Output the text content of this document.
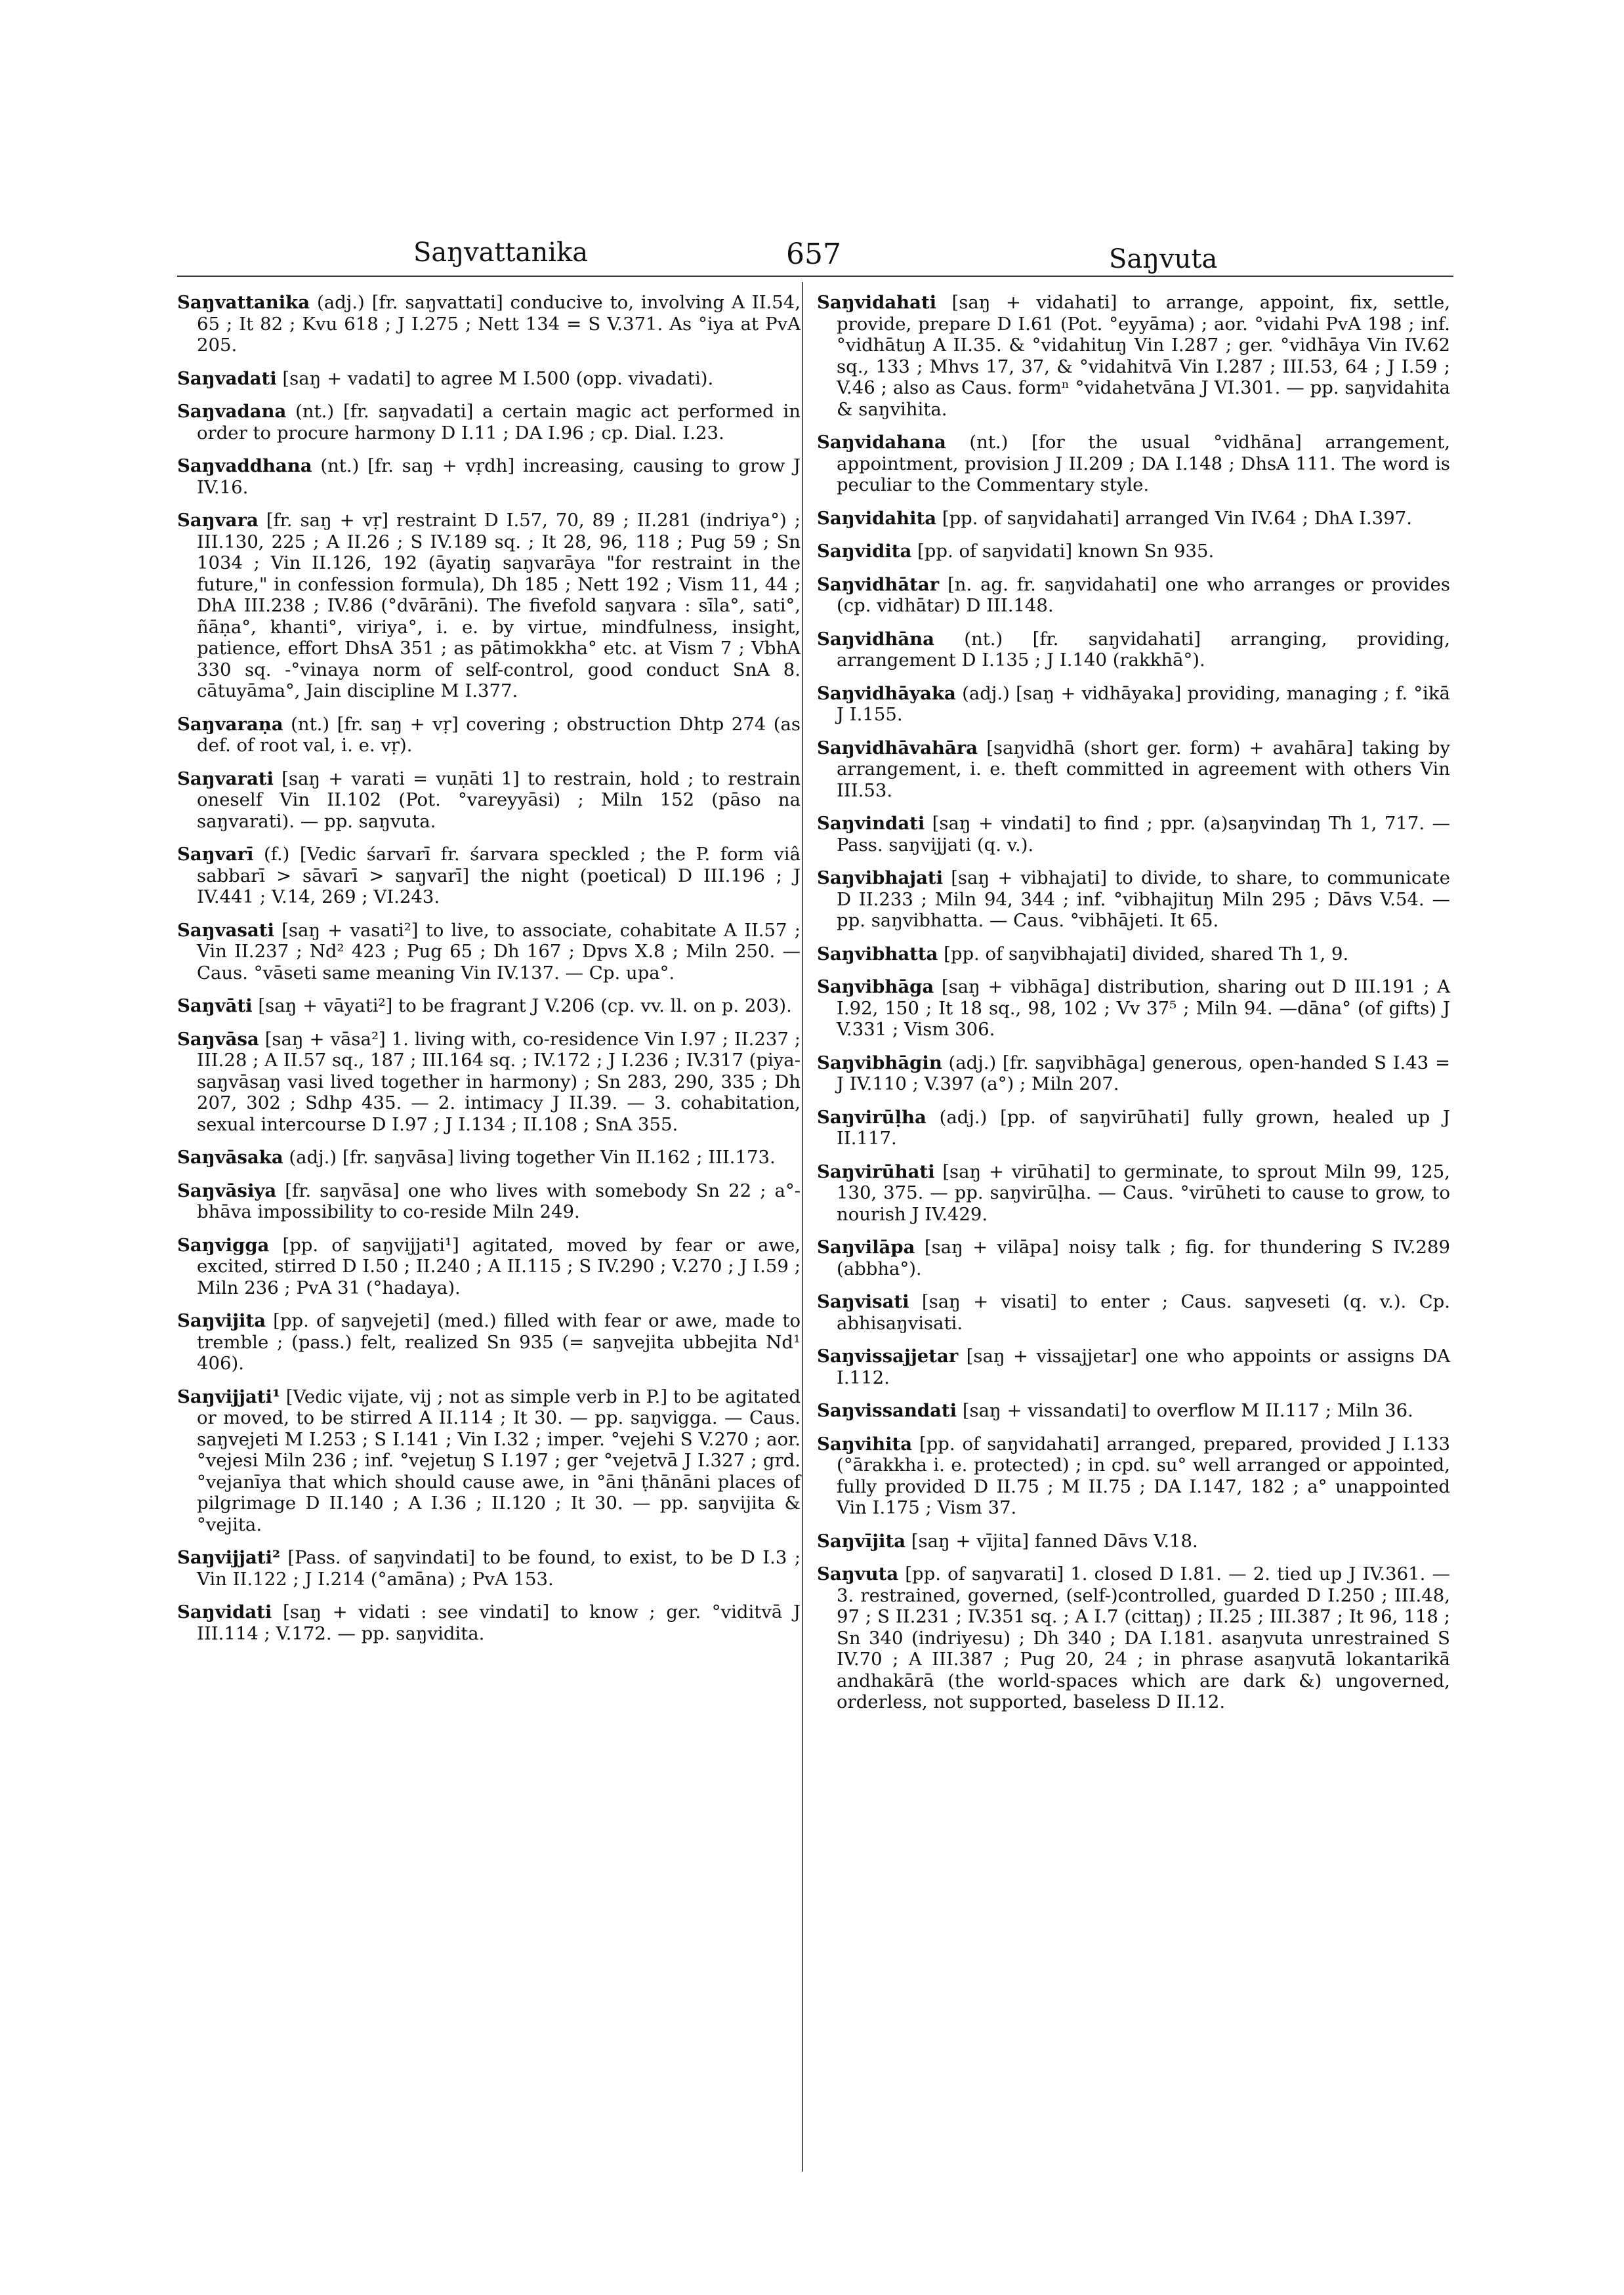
Saŋvattanika	657	Saŋvuta

Saŋvattanika (adj.) [fr. saŋvattati] conducive to, involving A II.54, 65 ; It 82 ; Kvu 618 ; J I.275 ; Nett 134 = S V.371. As °iya at PvA 205.

Saŋvadati [saŋ + vadati] to agree M I.500 (opp. vivadati).

Saŋvadana (nt.) [fr. saŋvadati] a certain magic act performed in order to procure harmony D I.11 ; DA I.96 ; cp. Dial. I.23.

Saŋvaddhana (nt.) [fr. saŋ + vṛdh] increasing, causing to grow J IV.16.

Saŋvara [fr. saŋ + vṛ] restraint D I.57, 70, 89 ; II.281 (indriya°) ; III.130, 225 ; A II.26 ; S IV.189 sq. ; It 28, 96, 118 ; Pug 59 ; Sn 1034 ; Vin II.126, 192 (āyatiŋ saŋvarāya "for restraint in the future," in confession formula), Dh 185 ; Nett 192 ; Vism 11, 44 ; DhA III.238 ; IV.86 (°dvārāni). The fivefold saŋvara : sīla°, sati°, ñāṇa°, khanti°, viriya°, i. e. by virtue, mindfulness, insight, patience, effort DhsA 351 ; as pātimokkha° etc. at Vism 7 ; VbhA 330 sq. -°vinaya norm of self-control, good conduct SnA 8. cātuyāma°, Jain discipline M I.377.

Saŋvaraṇa (nt.) [fr. saŋ + vṛ] covering ; obstruction Dhtp 274 (as def. of root val, i. e. vṛ).

Saŋvarati [saŋ + varati = vuṇāti 1] to restrain, hold ; to restrain oneself Vin II.102 (Pot. °vareyyāsi) ; Miln 152 (pāso na saŋvarati). — pp. saŋvuta.

Saŋvarī (f.) [Vedic śarvarī fr. śarvara speckled ; the P. form viâ sabbarī > sāvarī > saŋvarī] the night (poetical) D III.196 ; J IV.441 ; V.14, 269 ; VI.243.

Saŋvasati [saŋ + vasati²] to live, to associate, cohabitate A II.57 ; Vin II.237 ; Nd² 423 ; Pug 65 ; Dh 167 ; Dpvs X.8 ; Miln 250. — Caus. °vāseti same meaning Vin IV.137. — Cp. upa°.

Saŋvāti [saŋ + vāyati²] to be fragrant J V.206 (cp. vv. ll. on p. 203).

Saŋvāsa [saŋ + vāsa²] 1. living with, co-residence Vin I.97 ; II.237 ; III.28 ; A II.57 sq., 187 ; III.164 sq. ; IV.172 ; J I.236 ; IV.317 (piya-saŋvāsaŋ vasi lived together in harmony) ; Sn 283, 290, 335 ; Dh 207, 302 ; Sdhp 435. — 2. intimacy J II.39. — 3. cohabitation, sexual intercourse D I.97 ; J I.134 ; II.108 ; SnA 355.

Saŋvāsaka (adj.) [fr. saŋvāsa] living together Vin II.162 ; III.173.

Saŋvāsiya [fr. saŋvāsa] one who lives with somebody Sn 22 ; a°-bhāva impossibility to co-reside Miln 249.

Saŋvigga [pp. of saŋvijjati¹] agitated, moved by fear or awe, excited, stirred D I.50 ; II.240 ; A II.115 ; S IV.290 ; V.270 ; J I.59 ; Miln 236 ; PvA 31 (°hadaya).

Saŋvijita [pp. of saŋvejeti] (med.) filled with fear or awe, made to tremble ; (pass.) felt, realized Sn 935 (= saŋvejita ubbejita Nd¹ 406).

Saŋvijjati¹ [Vedic vijate, vij ; not as simple verb in P.] to be agitated or moved, to be stirred A II.114 ; It 30. — pp. saŋvigga. — Caus. saŋvejeti M I.253 ; S I.141 ; Vin I.32 ; imper. °vejehi S V.270 ; aor. °vejesi Miln 236 ; inf. °vejetuŋ S I.197 ; ger °vejetvā J I.327 ; grd. °vejanīya that which should cause awe, in °āni ṭhānāni places of pilgrimage D II.140 ; A I.36 ; II.120 ; It 30. — pp. saŋvijita & °vejita.

Saŋvijjati² [Pass. of saŋvindati] to be found, to exist, to be D I.3 ; Vin II.122 ; J I.214 (°amāna) ; PvA 153.

Saŋvidati [saŋ + vidati : see vindati] to know ; ger. °viditvā J III.114 ; V.172. — pp. saŋvidita.

Saŋvidahati [saŋ + vidahati] to arrange, appoint, fix, settle, provide, prepare D I.61 (Pot. °eyyāma) ; aor. °vidahi PvA 198 ; inf. °vidhātuŋ A II.35. & °vidahituŋ Vin I.287 ; ger. °vidhāya Vin IV.62 sq., 133 ; Mhvs 17, 37, & °vidahitvā Vin I.287 ; III.53, 64 ; J I.59 ; V.46 ; also as Caus. formⁿ °vidahetvāna J VI.301. — pp. saŋvidahita & saŋvihita.

Saŋvidahana (nt.) [for the usual °vidhāna] arrangement, appointment, provision J II.209 ; DA I.148 ; DhsA 111. The word is peculiar to the Commentary style.

Saŋvidahita [pp. of saŋvidahati] arranged Vin IV.64 ; DhA I.397.

Saŋvidita [pp. of saŋvidati] known Sn 935.

Saŋvidhātar [n. ag. fr. saŋvidahati] one who arranges or provides (cp. vidhātar) D III.148.

Saŋvidhāna (nt.) [fr. saŋvidahati] arranging, providing, arrangement D I.135 ; J I.140 (rakkhā°).

Saŋvidhāyaka (adj.) [saŋ + vidhāyaka] providing, managing ; f. °ikā J I.155.

Saŋvidhāvahāra [saŋvidhā (short ger. form) + avahāra] taking by arrangement, i. e. theft committed in agreement with others Vin III.53.

Saŋvindati [saŋ + vindati] to find ; ppr. (a)saŋvindaŋ Th 1, 717. — Pass. saŋvijjati (q. v.).

Saŋvibhajati [saŋ + vibhajati] to divide, to share, to communicate D II.233 ; Miln 94, 344 ; inf. °vibhajituŋ Miln 295 ; Dāvs V.54. — pp. saŋvibhatta. — Caus. °vibhājeti. It 65.

Saŋvibhatta [pp. of saŋvibhajati] divided, shared Th 1, 9.

Saŋvibhāga [saŋ + vibhāga] distribution, sharing out D III.191 ; A I.92, 150 ; It 18 sq., 98, 102 ; Vv 37⁵ ; Miln 94. —dāna° (of gifts) J V.331 ; Vism 306.

Saŋvibhāgin (adj.) [fr. saŋvibhāga] generous, open-handed S I.43 = J IV.110 ; V.397 (a°) ; Miln 207.

Saŋvirūḷha (adj.) [pp. of saŋvirūhati] fully grown, healed up J II.117.

Saŋvirūhati [saŋ + virūhati] to germinate, to sprout Miln 99, 125, 130, 375. — pp. saŋvirūḷha. — Caus. °virūheti to cause to grow, to nourish J IV.429.

Saŋvilāpa [saŋ + vilāpa] noisy talk ; fig. for thundering S IV.289 (abbha°).

Saŋvisati [saŋ + visati] to enter ; Caus. saŋveseti (q. v.). Cp. abhisaŋvisati.

Saŋvissajjetar [saŋ + vissajjetar] one who appoints or assigns DA I.112.

Saŋvissandati [saŋ + vissandati] to overflow M II.117 ; Miln 36.

Saŋvihita [pp. of saŋvidahati] arranged, prepared, provided J I.133 (°ārakkha i. e. protected) ; in cpd. su° well arranged or appointed, fully provided D II.75 ; M II.75 ; DA I.147, 182 ; a° unappointed Vin I.175 ; Vism 37.

Saŋvījita [saŋ + vījita] fanned Dāvs V.18.

Saŋvuta [pp. of saŋvarati] 1. closed D I.81. — 2. tied up J IV.361. — 3. restrained, governed, (self-)controlled, guarded D I.250 ; III.48, 97 ; S II.231 ; IV.351 sq. ; A I.7 (cittaŋ) ; II.25 ; III.387 ; It 96, 118 ; Sn 340 (indriyesu) ; Dh 340 ; DA I.181. asaŋvuta unrestrained S IV.70 ; A III.387 ; Pug 20, 24 ; in phrase asaŋvutā lokantarikā andhakārā (the world-spaces which are dark &) ungoverned, orderless, not supported, baseless D II.12.
